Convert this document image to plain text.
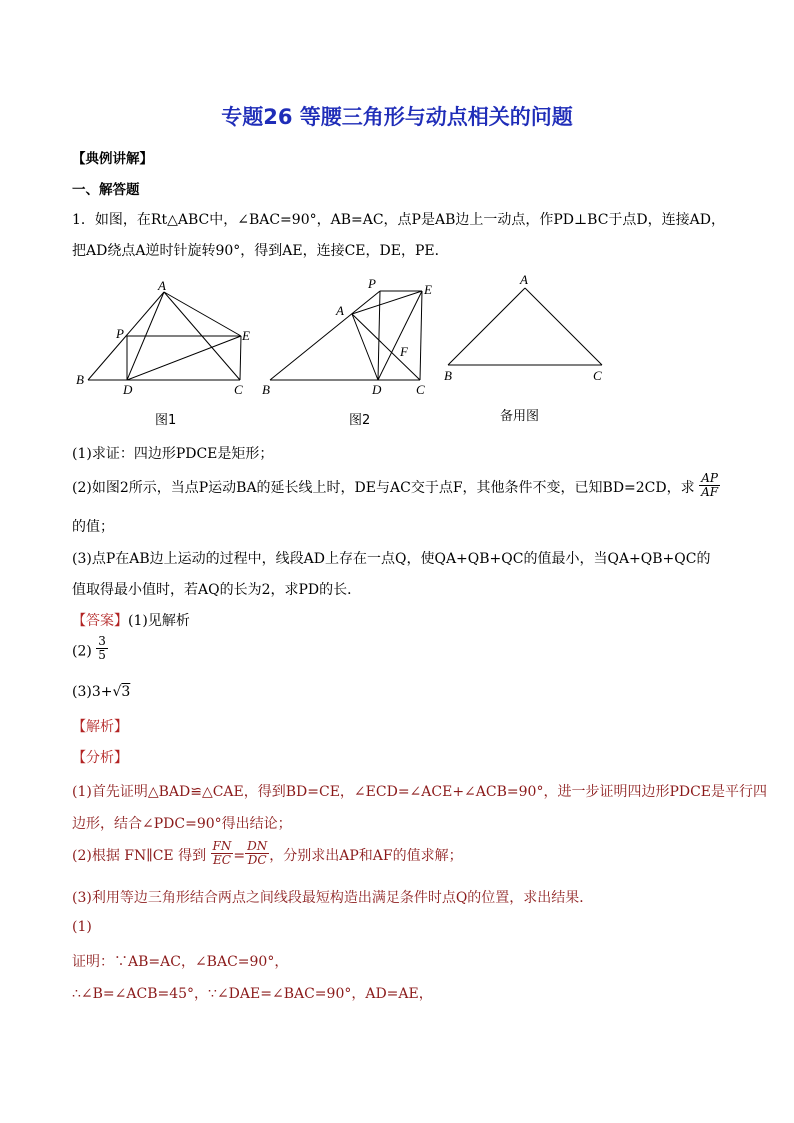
专题26 等腰三角形与动点相关的问题
【典例讲解】
一、解答题
1．如图，在Rt△ABC中，∠BAC=90°，AB=AC，点P是AB边上一动点，作PD⊥BC于点D，连接AD，
把AD绕点A逆时针旋转90°，得到AE，连接CE，DE，PE．
A
P	E
B
D	C
P	E
A
F
B	D	C
A
B	C
图1	图2	备用图
(1)求证：四边形PDCE是矩形；
(2)如图2所示，当点P运动BA的延长线上时，DE与AC交于点F，其他条件不变，已知BD=2CD，求 $\frac{AP}{AF}$
的值；
(3)点P在AB边上运动的过程中，线段AD上存在一点Q，使QA+QB+QC的值最小，当QA+QB+QC的
值取得最小值时，若AQ的长为2，求PD的长．
【答案】(1)见解析
$(2) \frac{3}{5}$
(3)3+√3
【解析】
【分析】
(1)首先证明△BAD≌△CAE，得到BD=CE，∠ECD=∠ACE+∠ACB=90°，进一步证明四边形PDCE是平行四
边形，结合∠PDC=90°得出结论；
(2)根据 FN∥CE 得到 $\frac{FN}{EC} = \frac{DN}{DC}$ ，分别求出AP和AF的值求解；
(3)利用等边三角形结合两点之间线段最短构造出满足条件时点Q的位置，求出结果．
(1)
证明：∵AB=AC，∠BAC=90°，
∴∠B=∠ACB=45°，∵∠DAE=∠BAC=90°，AD=AE，
